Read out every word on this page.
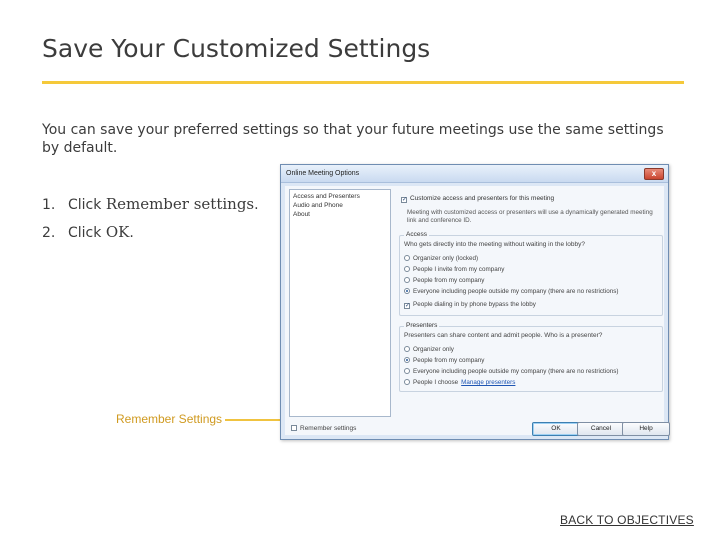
Save Your Customized Settings
You can save your preferred settings so that your future meetings use the same settings by default.
1. Click Remember settings.
2. Click OK.
Remember Settings
Online Meeting Options	x
Access and Presenters
Audio and Phone
About
✓ Customize access and presenters for this meeting
Meeting with customized access or presenters will use a dynamically generated meeting link and conference ID.
Access
Who gets directly into the meeting without waiting in the lobby?
Organizer only (locked)
People I invite from my company
People from my company
Everyone including people outside my company (there are no restrictions)
✓ People dialing in by phone bypass the lobby
Presenters
Presenters can share content and admit people. Who is a presenter?
Organizer only
People from my company
Everyone including people outside my company (there are no restrictions)
People I choose Manage presenters
Remember settings	OK	Cancel	Help
BACK TO OBJECTIVES
